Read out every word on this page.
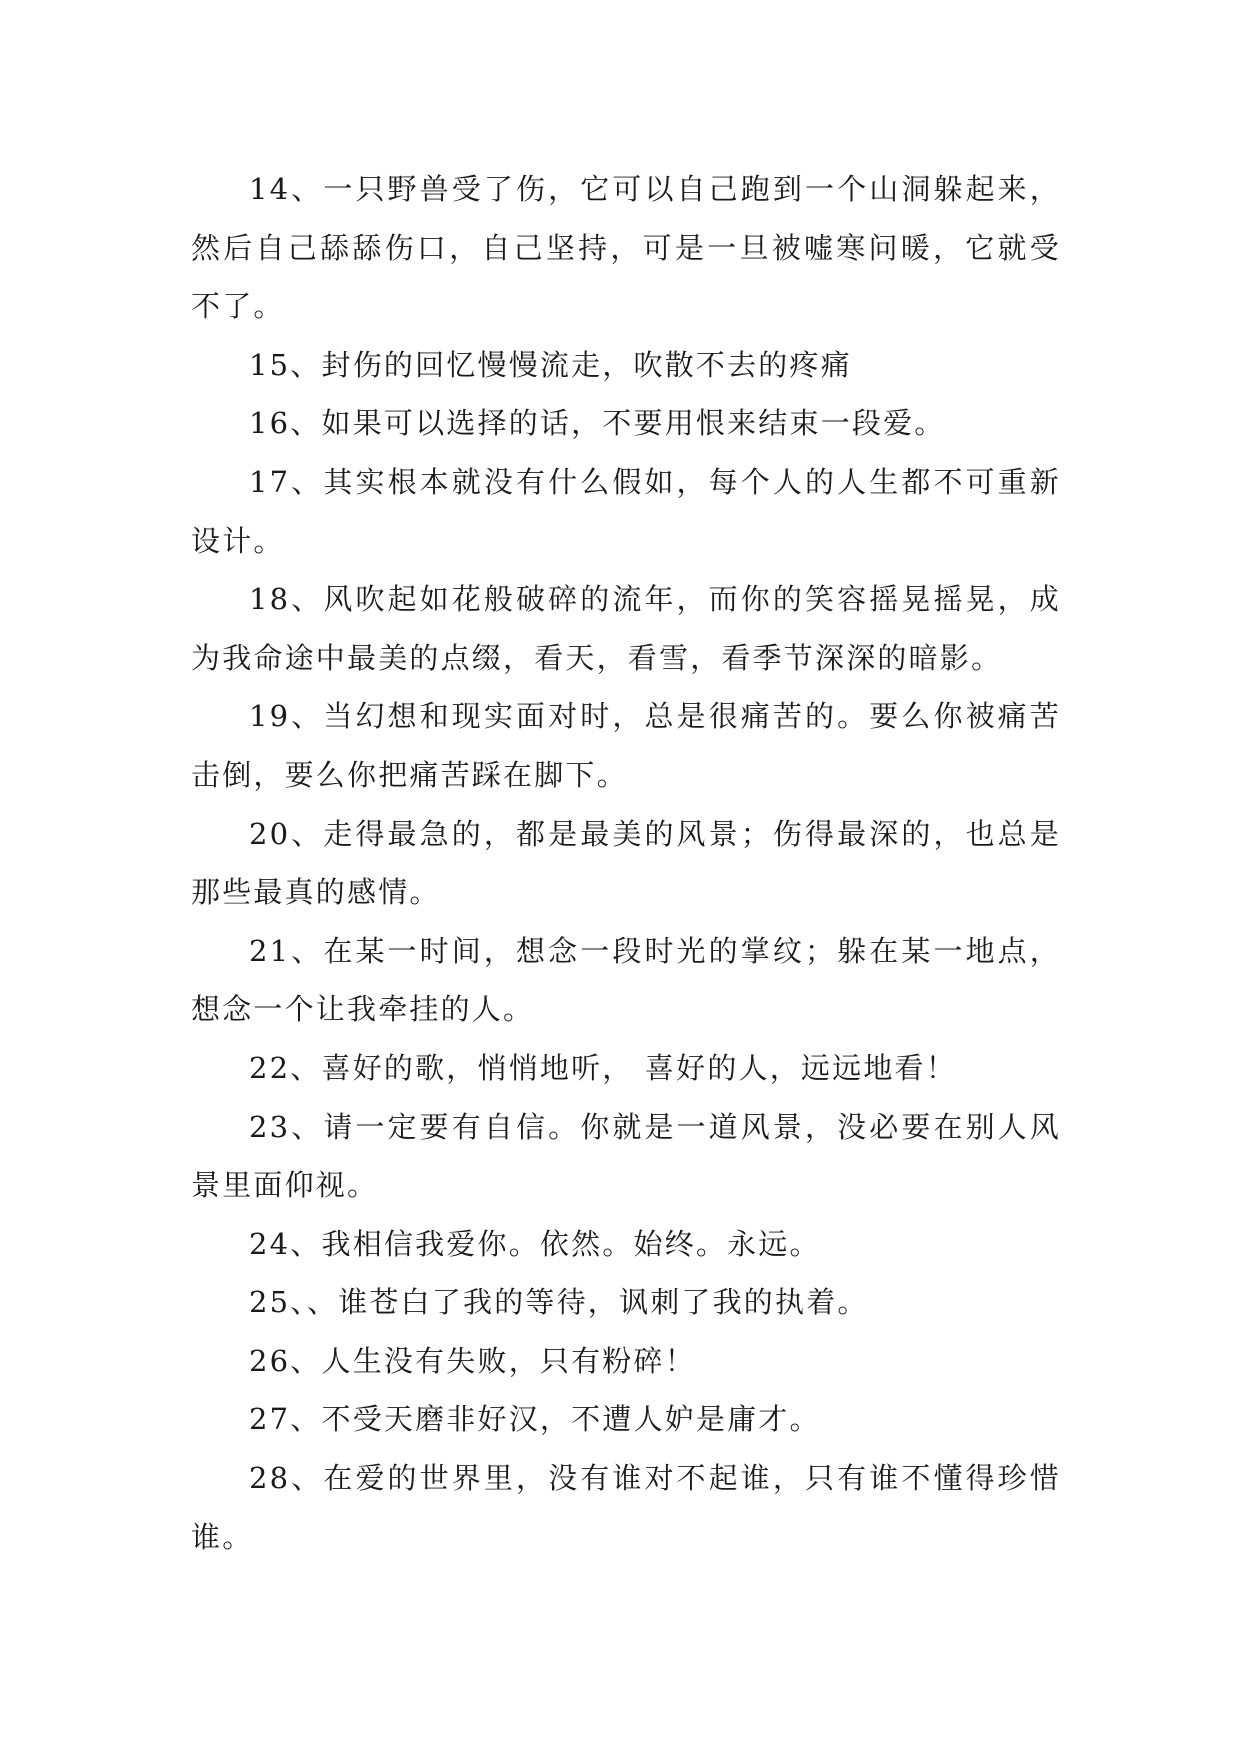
14、一只野兽受了伤，它可以自己跑到一个山洞躲起来，然后自己舔舔伤口，自己坚持，可是一旦被嘘寒问暖，它就受不了。

15、封伤的回忆慢慢流走，吹散不去的疼痛

16、如果可以选择的话，不要用恨来结束一段爱。

17、其实根本就没有什么假如，每个人的人生都不可重新设计。

18、风吹起如花般破碎的流年，而你的笑容摇晃摇晃，成为我命途中最美的点缀，看天，看雪，看季节深深的暗影。

19、当幻想和现实面对时，总是很痛苦的。要么你被痛苦击倒，要么你把痛苦踩在脚下。

20、走得最急的，都是最美的风景；伤得最深的，也总是那些最真的感情。

21、在某一时间，想念一段时光的掌纹；躲在某一地点，想念一个让我牵挂的人。

22、喜好的歌，悄悄地听， 喜好的人，远远地看！

23、请一定要有自信。你就是一道风景，没必要在别人风景里面仰视。

24、我相信我爱你。依然。始终。永远。

25、、谁苍白了我的等待，讽刺了我的执着。

26、人生没有失败，只有粉碎！

27、不受天磨非好汉，不遭人妒是庸才。

28、在爱的世界里，没有谁对不起谁，只有谁不懂得珍惜谁。
